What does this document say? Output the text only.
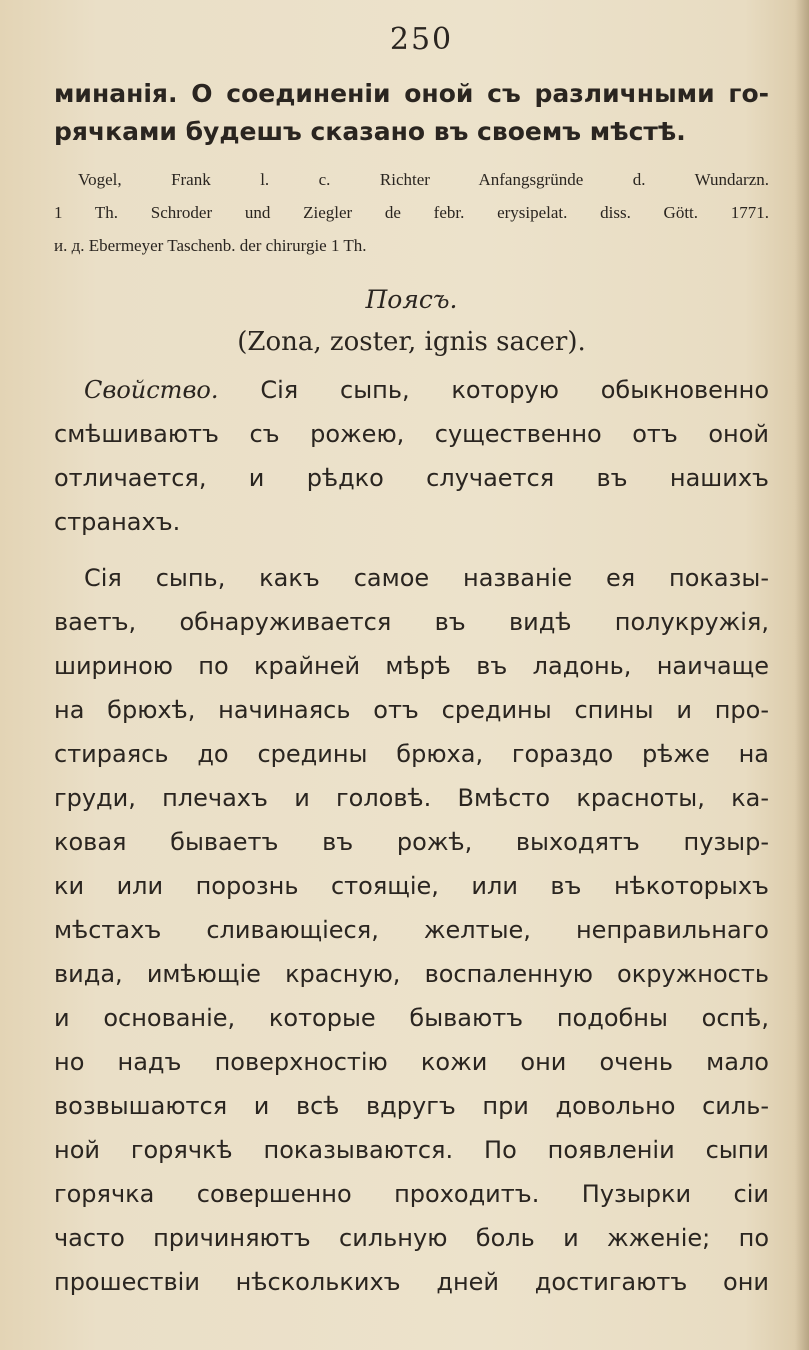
250
минанія. О соединеніи оной съ различными го-
рячками будешъ сказано въ своемъ мѣстѣ.
Vogel, Frank l. c. Richter Anfangsgründe d. Wundarzn.
1 Th. Schroder und Ziegler de febr. erysipelat. diss. Gött. 1771.
и. д. Ebermeyer Taschenb. der chirurgie 1 Th.
Поясъ.
(Zona, zoster, ignis sacer).
Свойство. Сія сыпь, которую обыкновенно
смѣшиваютъ съ рожею, существенно отъ оной
отличается, и рѣдко случается въ нашихъ
странахъ.
Сія сыпь, какъ самое названіе ея показы-
ваетъ, обнаруживается въ видѣ полукружія,
шириною по крайней мѣрѣ въ ладонь, наичаще
на брюхѣ, начинаясь отъ средины спины и про-
стираясь до средины брюха, гораздо рѣже на
груди, плечахъ и головѣ. Вмѣсто красноты, ка-
ковая бываетъ въ рожѣ, выходятъ пузыр-
ки или порознь стоящіе, или въ нѣкоторыхъ
мѣстахъ сливающіеся, желтые, неправильнаго
вида, имѣющіе красную, воспаленную окружность
и основаніе, которые бываютъ подобны оспѣ,
но надъ поверхностію кожи они очень мало
возвышаются и всѣ вдругъ при довольно силь-
ной горячкѣ показываются. По появленіи сыпи
горячка совершенно проходитъ. Пузырки сіи
часто причиняютъ сильную боль и жженіе; по
прошествіи нѣсколькихъ дней достигаютъ они
